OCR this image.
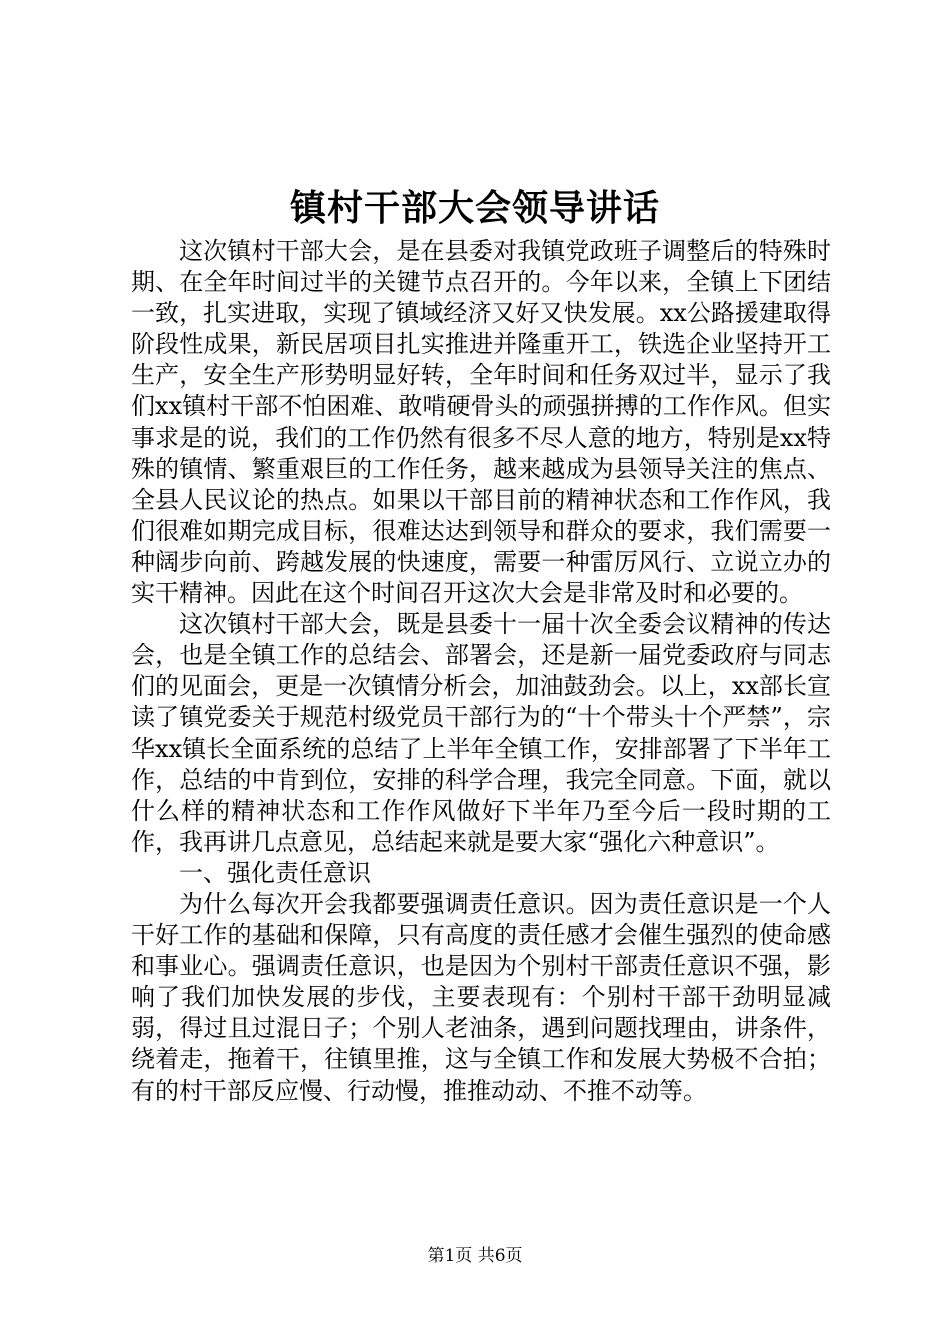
镇村干部大会领导讲话

这次镇村干部大会，是在县委对我镇党政班子调整后的特殊时期、在全年时间过半的关键节点召开的。今年以来，全镇上下团结一致，扎实进取，实现了镇域经济又好又快发展。xx公路援建取得阶段性成果，新民居项目扎实推进并隆重开工，铁选企业坚持开工生产，安全生产形势明显好转，全年时间和任务双过半，显示了我们xx镇村干部不怕困难、敢啃硬骨头的顽强拼搏的工作作风。但实事求是的说，我们的工作仍然有很多不尽人意的地方，特别是xx特殊的镇情、繁重艰巨的工作任务，越来越成为县领导关注的焦点、全县人民议论的热点。如果以干部目前的精神状态和工作作风，我们很难如期完成目标，很难达达到领导和群众的要求，我们需要一种阔步向前、跨越发展的快速度，需要一种雷厉风行、立说立办的实干精神。因此在这个时间召开这次大会是非常及时和必要的。

这次镇村干部大会，既是县委十一届十次全委会议精神的传达会，也是全镇工作的总结会、部署会，还是新一届党委政府与同志们的见面会，更是一次镇情分析会，加油鼓劲会。以上，xx部长宣读了镇党委关于规范村级党员干部行为的“十个带头十个严禁”，宗华xx镇长全面系统的总结了上半年全镇工作，安排部署了下半年工作，总结的中肯到位，安排的科学合理，我完全同意。下面，就以什么样的精神状态和工作作风做好下半年乃至今后一段时期的工作，我再讲几点意见，总结起来就是要大家“强化六种意识”。

一、强化责任意识

为什么每次开会我都要强调责任意识。因为责任意识是一个人干好工作的基础和保障，只有高度的责任感才会催生强烈的使命感和事业心。强调责任意识，也是因为个别村干部责任意识不强，影响了我们加快发展的步伐，主要表现有：个别村干部干劲明显减弱，得过且过混日子；个别人老油条，遇到问题找理由，讲条件，绕着走，拖着干，往镇里推，这与全镇工作和发展大势极不合拍；有的村干部反应慢、行动慢，推推动动、不推不动等。

第1页 共6页
